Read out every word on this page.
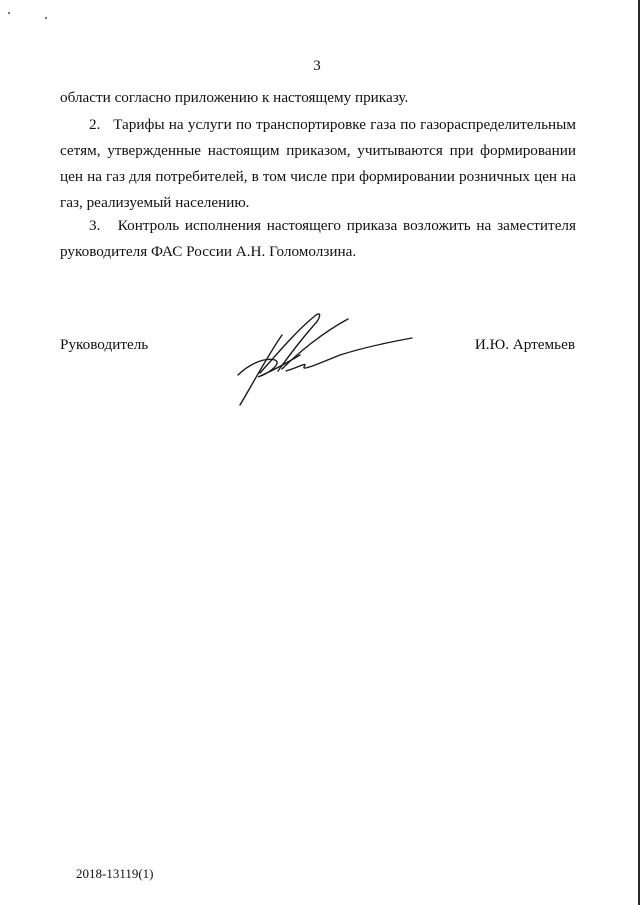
3

области согласно приложению к настоящему приказу.

2.   Тарифы на услуги по транспортировке газа по газораспределительным сетям, утвержденные настоящим приказом, учитываются при формировании цен на газ для потребителей, в том числе при формировании розничных цен на газ, реализуемый населению.

3.   Контроль исполнения настоящего приказа возложить на заместителя руководителя ФАС России А.Н. Голомолзина.

Руководитель	И.Ю. Артемьев
2018-13119(1)
